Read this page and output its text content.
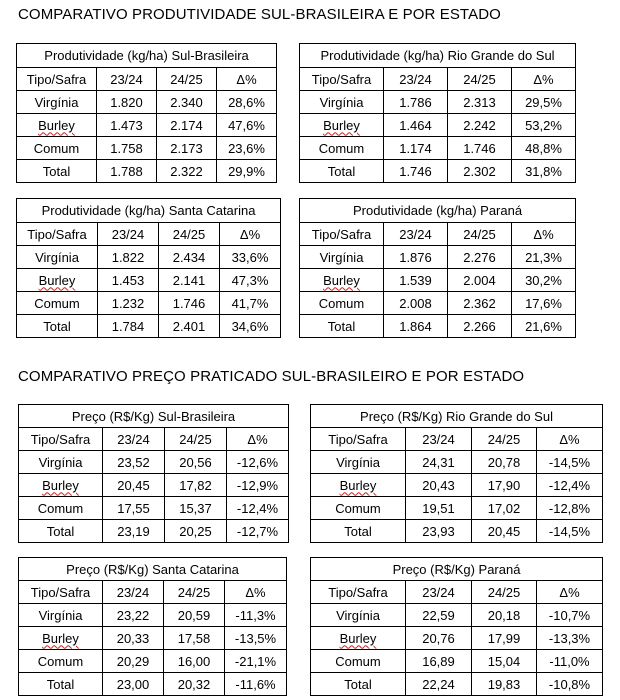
COMPARATIVO PRODUTIVIDADE SUL-BRASILEIRA E POR ESTADO
Produtividade (kg/ha) Sul-Brasileira			
Tipo/Safra	23/24	24/25	Δ%
Virgínia	1.820	2.340	28,6%
Burley	1.473	2.174	47,6%
Comum	1.758	2.173	23,6%
Total	1.788	2.322	29,9%
Produtividade (kg/ha) Rio Grande do Sul			
Tipo/Safra	23/24	24/25	Δ%
Virgínia	1.786	2.313	29,5%
Burley	1.464	2.242	53,2%
Comum	1.174	1.746	48,8%
Total	1.746	2.302	31,8%
Produtividade (kg/ha) Santa Catarina			
Tipo/Safra	23/24	24/25	Δ%
Virgínia	1.822	2.434	33,6%
Burley	1.453	2.141	47,3%
Comum	1.232	1.746	41,7%
Total	1.784	2.401	34,6%
Produtividade (kg/ha) Paraná			
Tipo/Safra	23/24	24/25	Δ%
Virgínia	1.876	2.276	21,3%
Burley	1.539	2.004	30,2%
Comum	2.008	2.362	17,6%
Total	1.864	2.266	21,6%
COMPARATIVO PREÇO PRATICADO SUL-BRASILEIRO E POR ESTADO
Preço (R$/Kg) Sul-Brasileira			
Tipo/Safra	23/24	24/25	Δ%
Virgínia	23,52	20,56	-12,6%
Burley	20,45	17,82	-12,9%
Comum	17,55	15,37	-12,4%
Total	23,19	20,25	-12,7%
Preço (R$/Kg) Rio Grande do Sul			
Tipo/Safra	23/24	24/25	Δ%
Virgínia	24,31	20,78	-14,5%
Burley	20,43	17,90	-12,4%
Comum	19,51	17,02	-12,8%
Total	23,93	20,45	-14,5%
Preço (R$/Kg) Santa Catarina			
Tipo/Safra	23/24	24/25	Δ%
Virgínia	23,22	20,59	-11,3%
Burley	20,33	17,58	-13,5%
Comum	20,29	16,00	-21,1%
Total	23,00	20,32	-11,6%
Preço (R$/Kg) Paraná			
Tipo/Safra	23/24	24/25	Δ%
Virgínia	22,59	20,18	-10,7%
Burley	20,76	17,99	-13,3%
Comum	16,89	15,04	-11,0%
Total	22,24	19,83	-10,8%
